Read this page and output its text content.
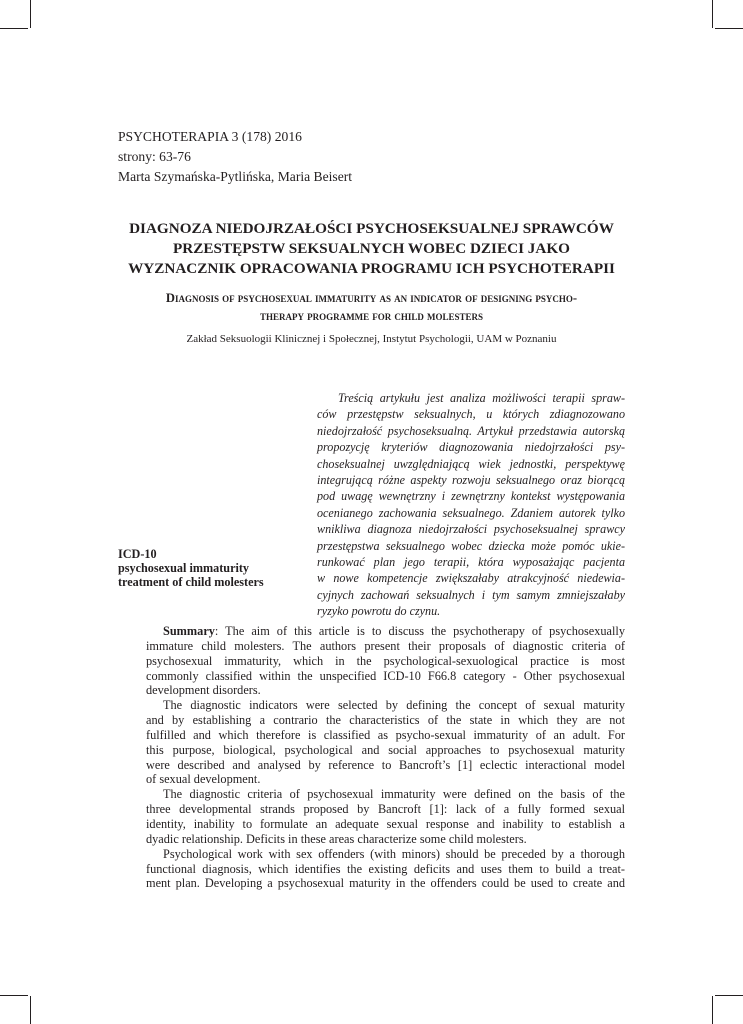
PSYCHOTERAPIA 3 (178) 2016
strony: 63-76
Marta Szymańska-Pytlińska, Maria Beisert
DIAGNOZA NIEDOJRZAŁOŚCI PSYCHOSEKSUALNEJ SPRAWCÓW
PRZESTĘPSTW SEKSUALNYCH WOBEC DZIECI JAKO
WYZNACZNIK OPRACOWANIA PROGRAMU ICH PSYCHOTERAPII
Diagnosis of psychosexual immaturity as an indicator of designing psycho-
therapy programme for child molesters
Zakład Seksuologii Klinicznej i Społecznej, Instytut Psychologii, UAM w Poznaniu
Treścią artykułu jest analiza możliwości terapii spraw-
ców przestępstw seksualnych, u których zdiagnozowano
niedojrzałość psychoseksualną. Artykuł przedstawia autorską
propozycję kryteriów diagnozowania niedojrzałości psy-
choseksualnej uwzględniającą wiek jednostki, perspektywę
integrującą różne aspekty rozwoju seksualnego oraz biorącą
pod uwagę wewnętrzny i zewnętrzny kontekst występowania
ocenianego zachowania seksualnego. Zdaniem autorek tylko
wnikliwa diagnoza niedojrzałości psychoseksualnej sprawcy
przestępstwa seksualnego wobec dziecka może pomóc ukie-
runkować plan jego terapii, która wyposażając pacjenta
w nowe kompetencje zwiększałaby atrakcyjność niedewia-
cyjnych zachowań seksualnych i tym samym zmniejszałaby
ryzyko powrotu do czynu.
ICD-10
psychosexual immaturity
treatment of child molesters

Summary: The aim of this article is to discuss the psychotherapy of psychosexually
immature child molesters. The authors present their proposals of diagnostic criteria of
psychosexual immaturity, which in the psychological-sexuological practice is most
commonly classified within the unspecified ICD-10 F66.8 category - Other psychosexual
development disorders.

The diagnostic indicators were selected by defining the concept of sexual maturity
and by establishing a contrario the characteristics of the state in which they are not
fulfilled and which therefore is classified as psycho-sexual immaturity of an adult. For
this purpose, biological, psychological and social approaches to psychosexual maturity
were described and analysed by reference to Bancroft’s [1] eclectic interactional model
of sexual development.

The diagnostic criteria of psychosexual immaturity were defined on the basis of the
three developmental strands proposed by Bancroft [1]: lack of a fully formed sexual
identity, inability to formulate an adequate sexual response and inability to establish a
dyadic relationship. Deficits in these areas characterize some child molesters.

Psychological work with sex offenders (with minors) should be preceded by a thorough
functional diagnosis, which identifies the existing deficits and uses them to build a treat-
ment plan. Developing a psychosexual maturity in the offenders could be used to create and
